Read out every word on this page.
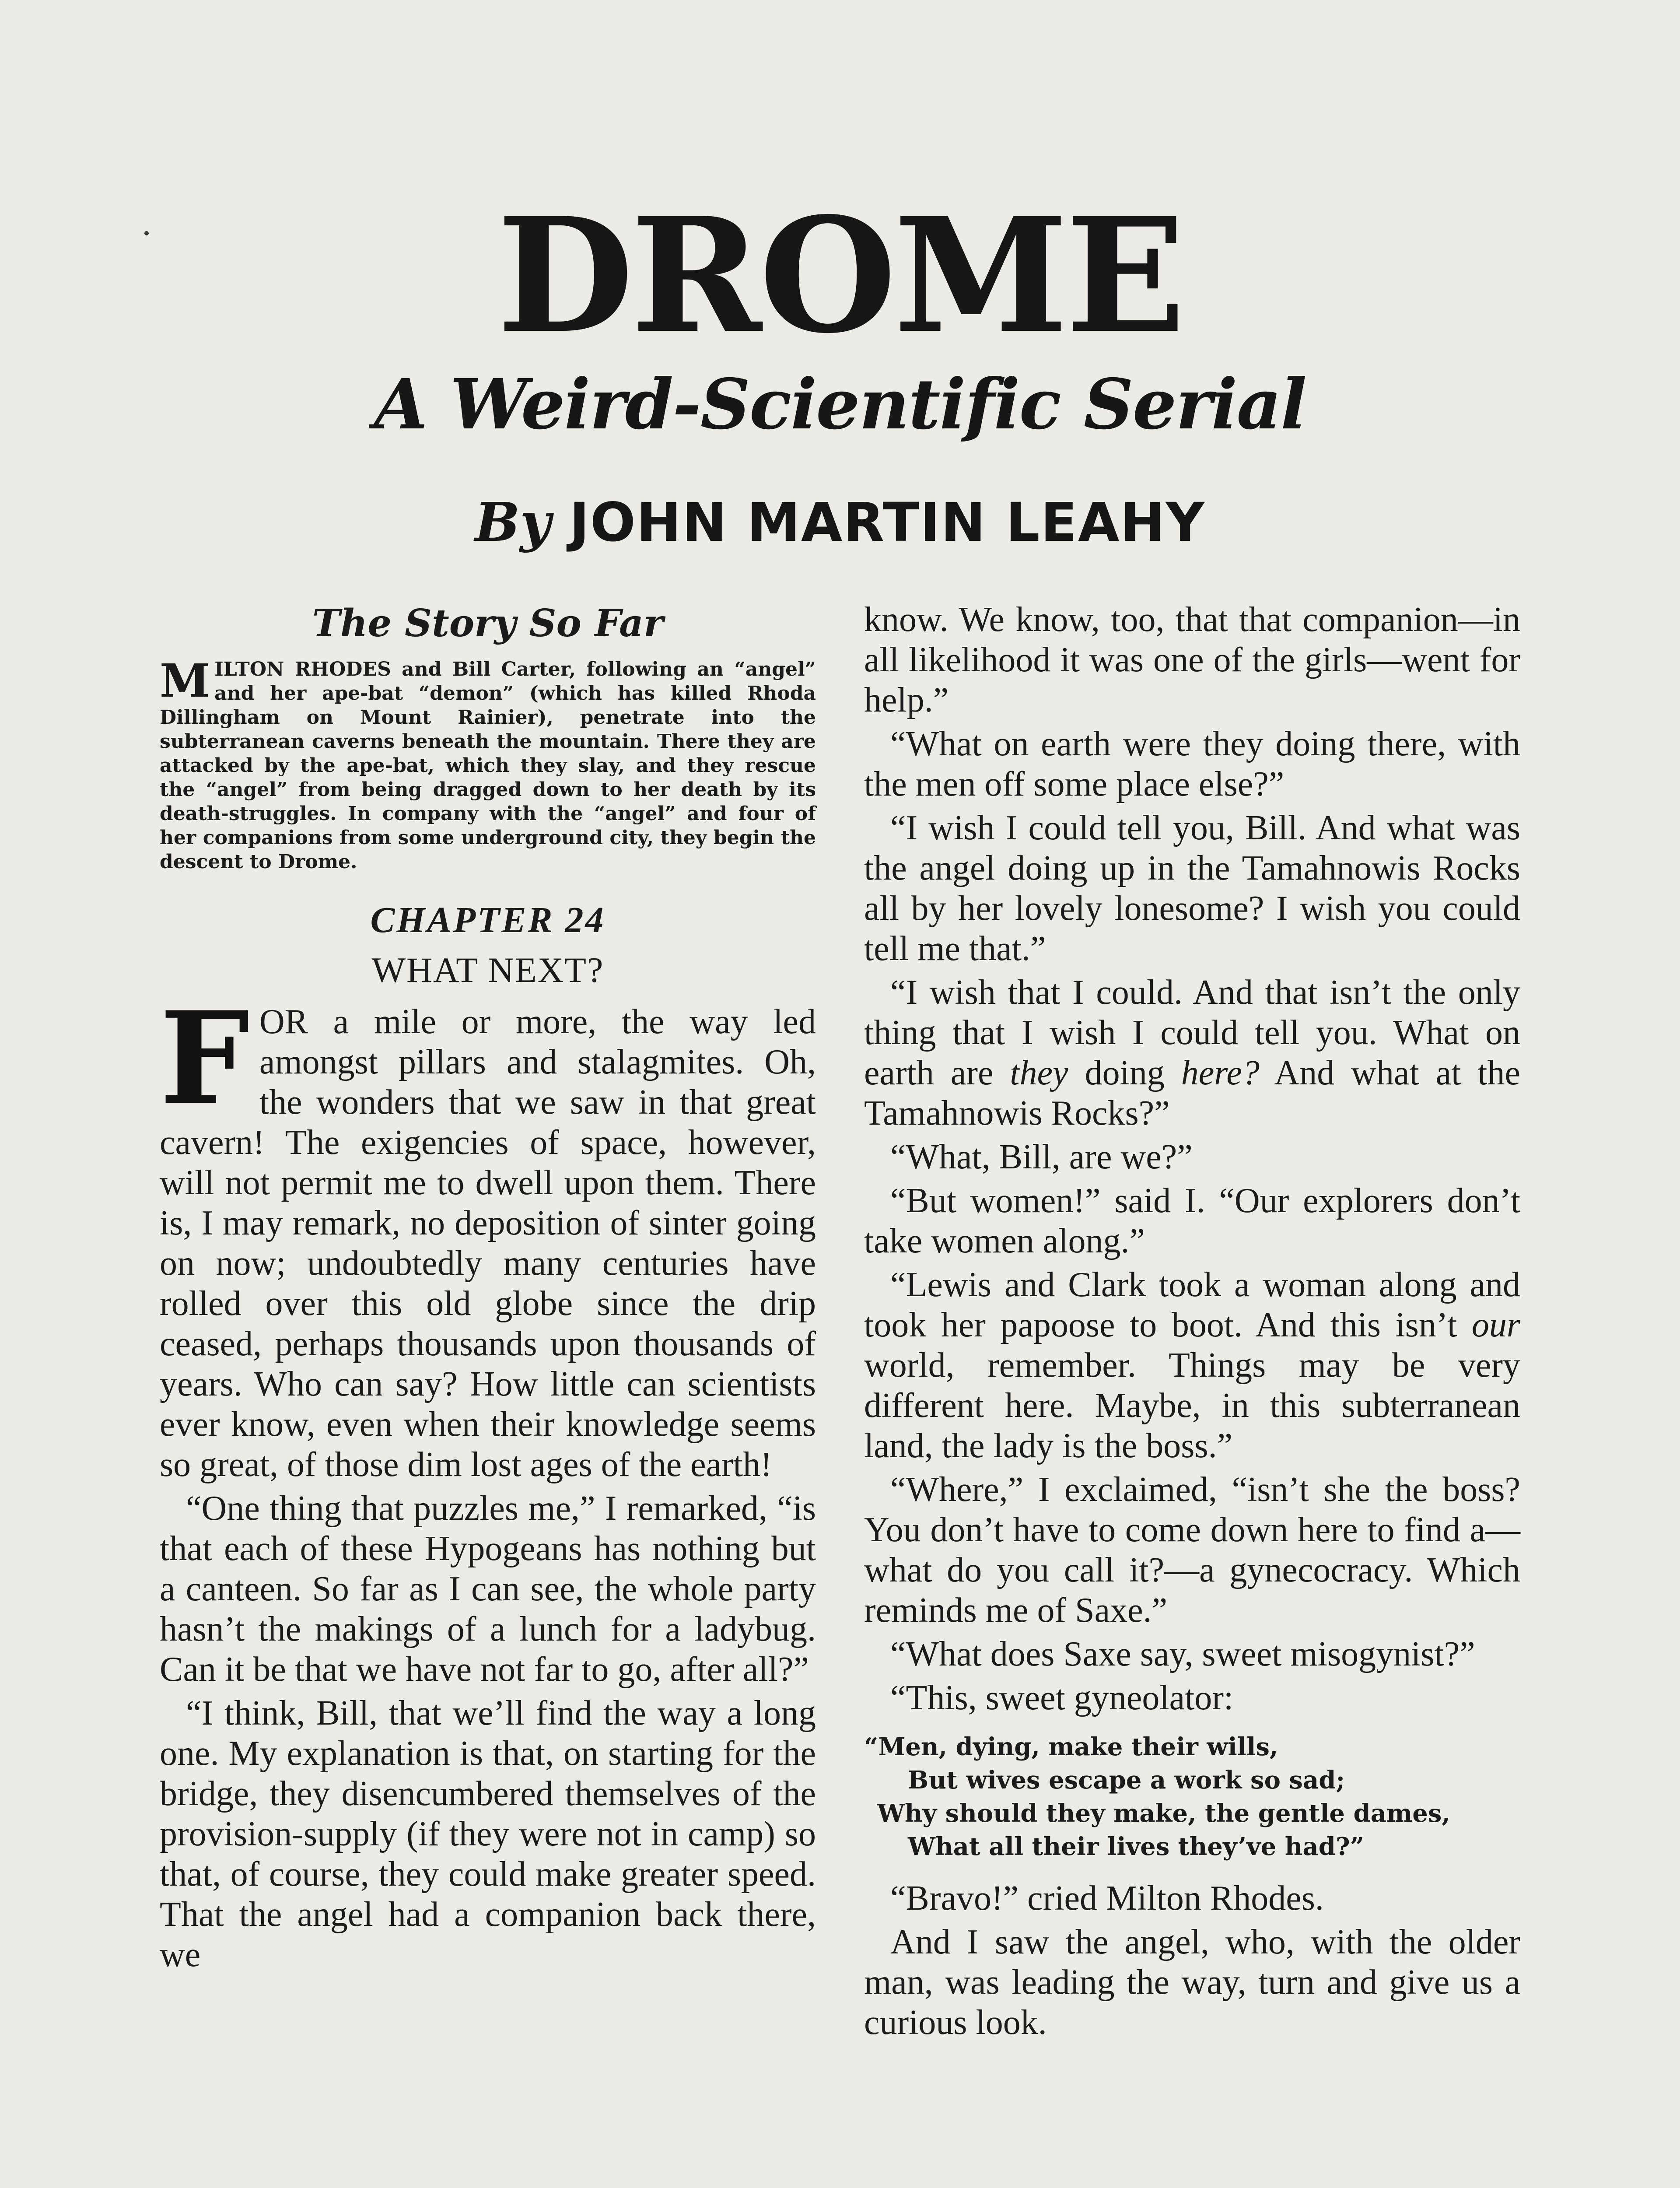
DROME
A Weird-Scientific Serial
By JOHN MARTIN LEAHY
The Story So Far
MILTON RHODES and Bill Carter, following an “angel” and her ape-bat “demon” (which has killed Rhoda Dillingham on Mount Rainier), penetrate into the subterranean caverns beneath the mountain. There they are attacked by the ape-bat, which they slay, and they rescue the “angel” from being dragged down to her death by its death-struggles. In company with the “angel” and four of her companions from some underground city, they begin the descent to Drome.
CHAPTER 24
WHAT NEXT?

FOR a mile or more, the way led amongst pillars and stalagmites. Oh, the wonders that we saw in that great cavern! The exigencies of space, however, will not permit me to dwell upon them. There is, I may remark, no deposition of sinter going on now; undoubtedly many centuries have rolled over this old globe since the drip ceased, perhaps thousands upon thousands of years. Who can say? How little can scientists ever know, even when their knowledge seems so great, of those dim lost ages of the earth!

“One thing that puzzles me,” I remarked, “is that each of these Hypogeans has nothing but a canteen. So far as I can see, the whole party hasn’t the makings of a lunch for a ladybug. Can it be that we have not far to go, after all?”

“I think, Bill, that we’ll find the way a long one. My explanation is that, on starting for the bridge, they disencumbered themselves of the provision-supply (if they were not in camp) so that, of course, they could make greater speed. That the angel had a companion back there, we

know. We know, too, that that companion—in all likelihood it was one of the girls—went for help.”

“What on earth were they doing there, with the men off some place else?”

“I wish I could tell you, Bill. And what was the angel doing up in the Tamahnowis Rocks all by her lovely lonesome? I wish you could tell me that.”

“I wish that I could. And that isn’t the only thing that I wish I could tell you. What on earth are they doing here? And what at the Tamahnowis Rocks?”

“What, Bill, are we?”

“But women!” said I. “Our explorers don’t take women along.”

“Lewis and Clark took a woman along and took her papoose to boot. And this isn’t our world, remember. Things may be very different here. Maybe, in this subterranean land, the lady is the boss.”

“Where,” I exclaimed, “isn’t she the boss? You don’t have to come down here to find a—what do you call it?—a gynecocracy. Which reminds me of Saxe.”

“What does Saxe say, sweet misogynist?”

“This, sweet gyneolator:

“Men, dying, make their wills,
But wives escape a work so sad;
Why should they make, the gentle dames,
What all their lives they’ve had?”

“Bravo!” cried Milton Rhodes.

And I saw the angel, who, with the older man, was leading the way, turn and give us a curious look.
